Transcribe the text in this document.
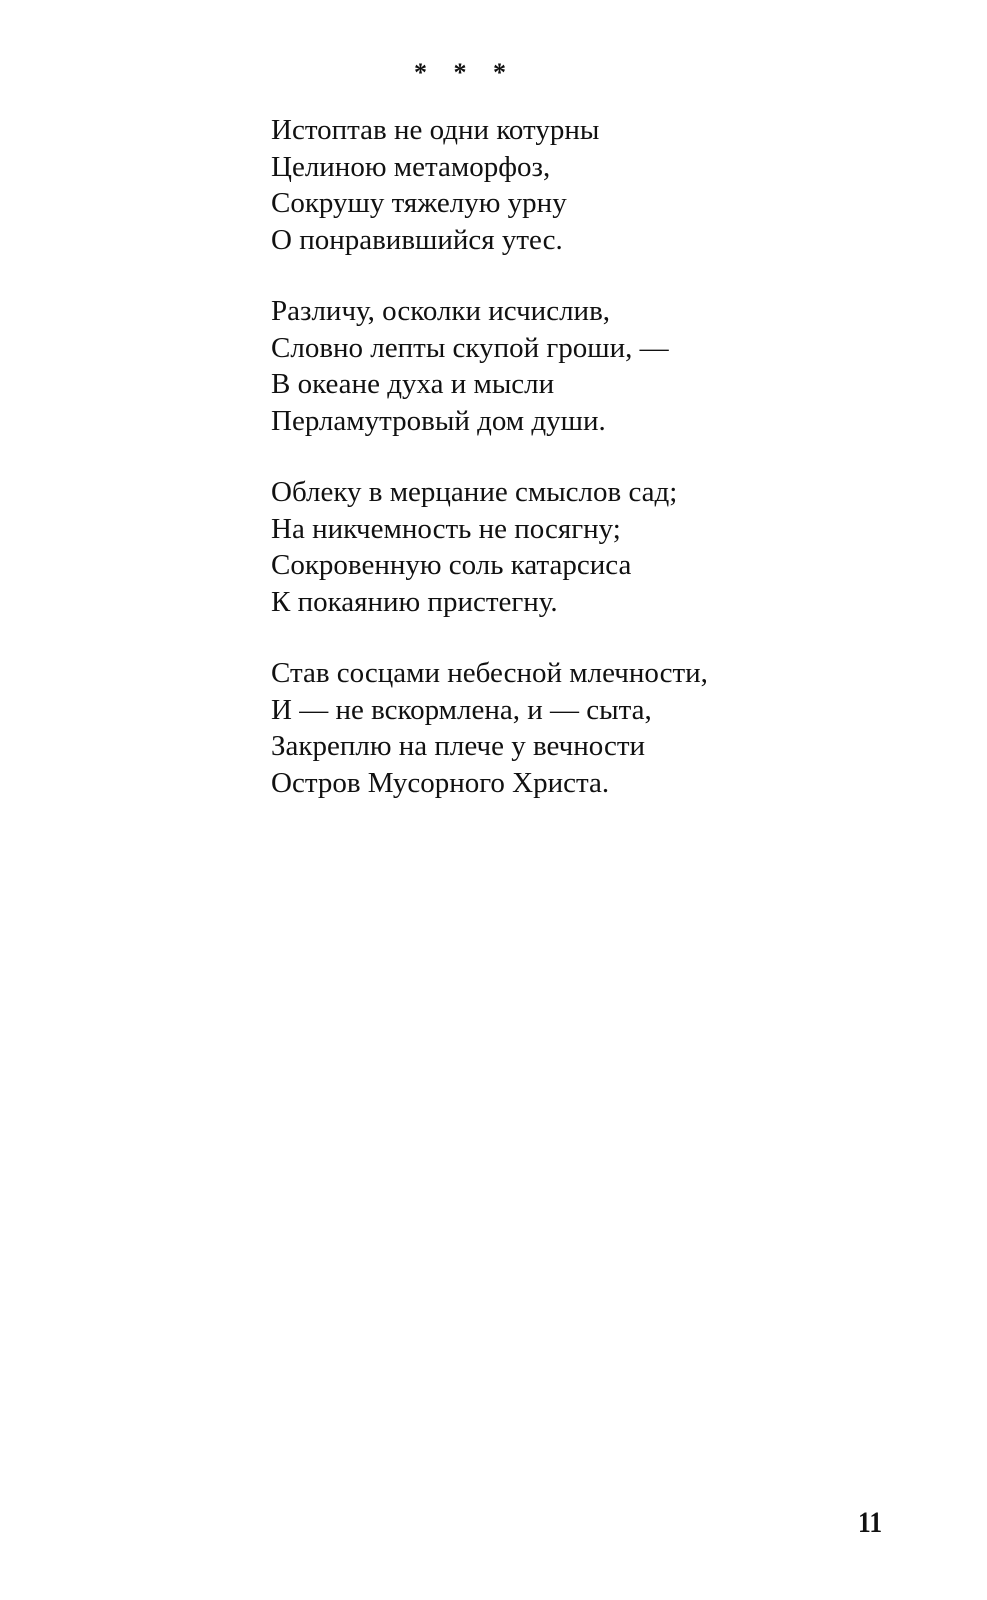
* * *
Истоптав не одни котурны
Целиною метаморфоз,
Сокрушу тяжелую урну
О понравившийся утес.
Различу, осколки исчислив,
Словно лепты скупой гроши, —
В океане духа и мысли
Перламутровый дом души.
Облеку в мерцание смыслов сад;
На никчемность не посягну;
Сокровенную соль катарсиса
К покаянию пристегну.
Став сосцами небесной млечности,
И — не вскормлена, и — сыта,
Закреплю на плече у вечности
Остров Мусорного Христа.
11
